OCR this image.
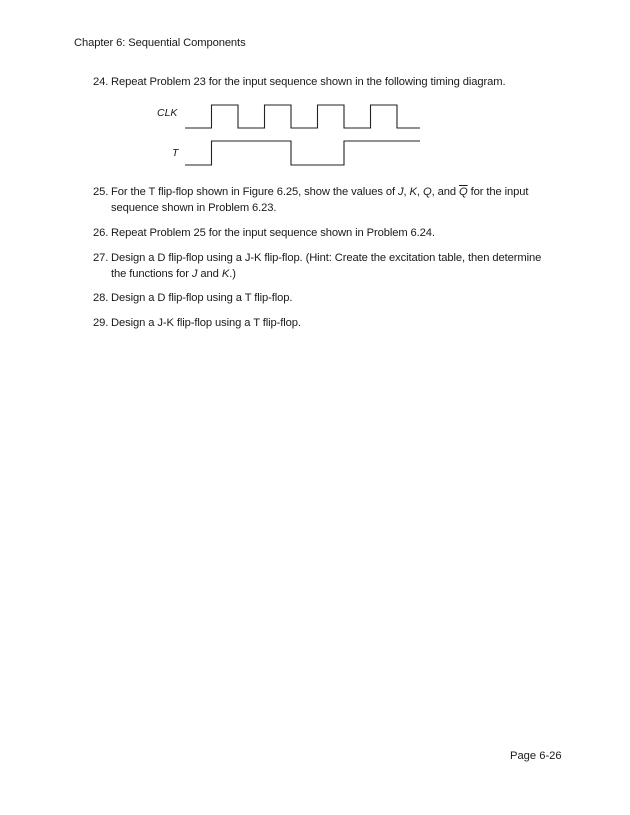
Chapter 6: Sequential Components
24. Repeat Problem 23 for the input sequence shown in the following timing diagram.
CLK
T
25. For the T flip-flop shown in Figure 6.25, show the values of J, K, Q, and $\overline{Q}$ for the input sequence shown in Problem 6.23.
26. Repeat Problem 25 for the input sequence shown in Problem 6.24.
27. Design a D flip-flop using a J-K flip-flop. (Hint: Create the excitation table, then determine the functions for J and K.)
28. Design a D flip-flop using a T flip-flop.
29. Design a J-K flip-flop using a T flip-flop.
Page 6-26
